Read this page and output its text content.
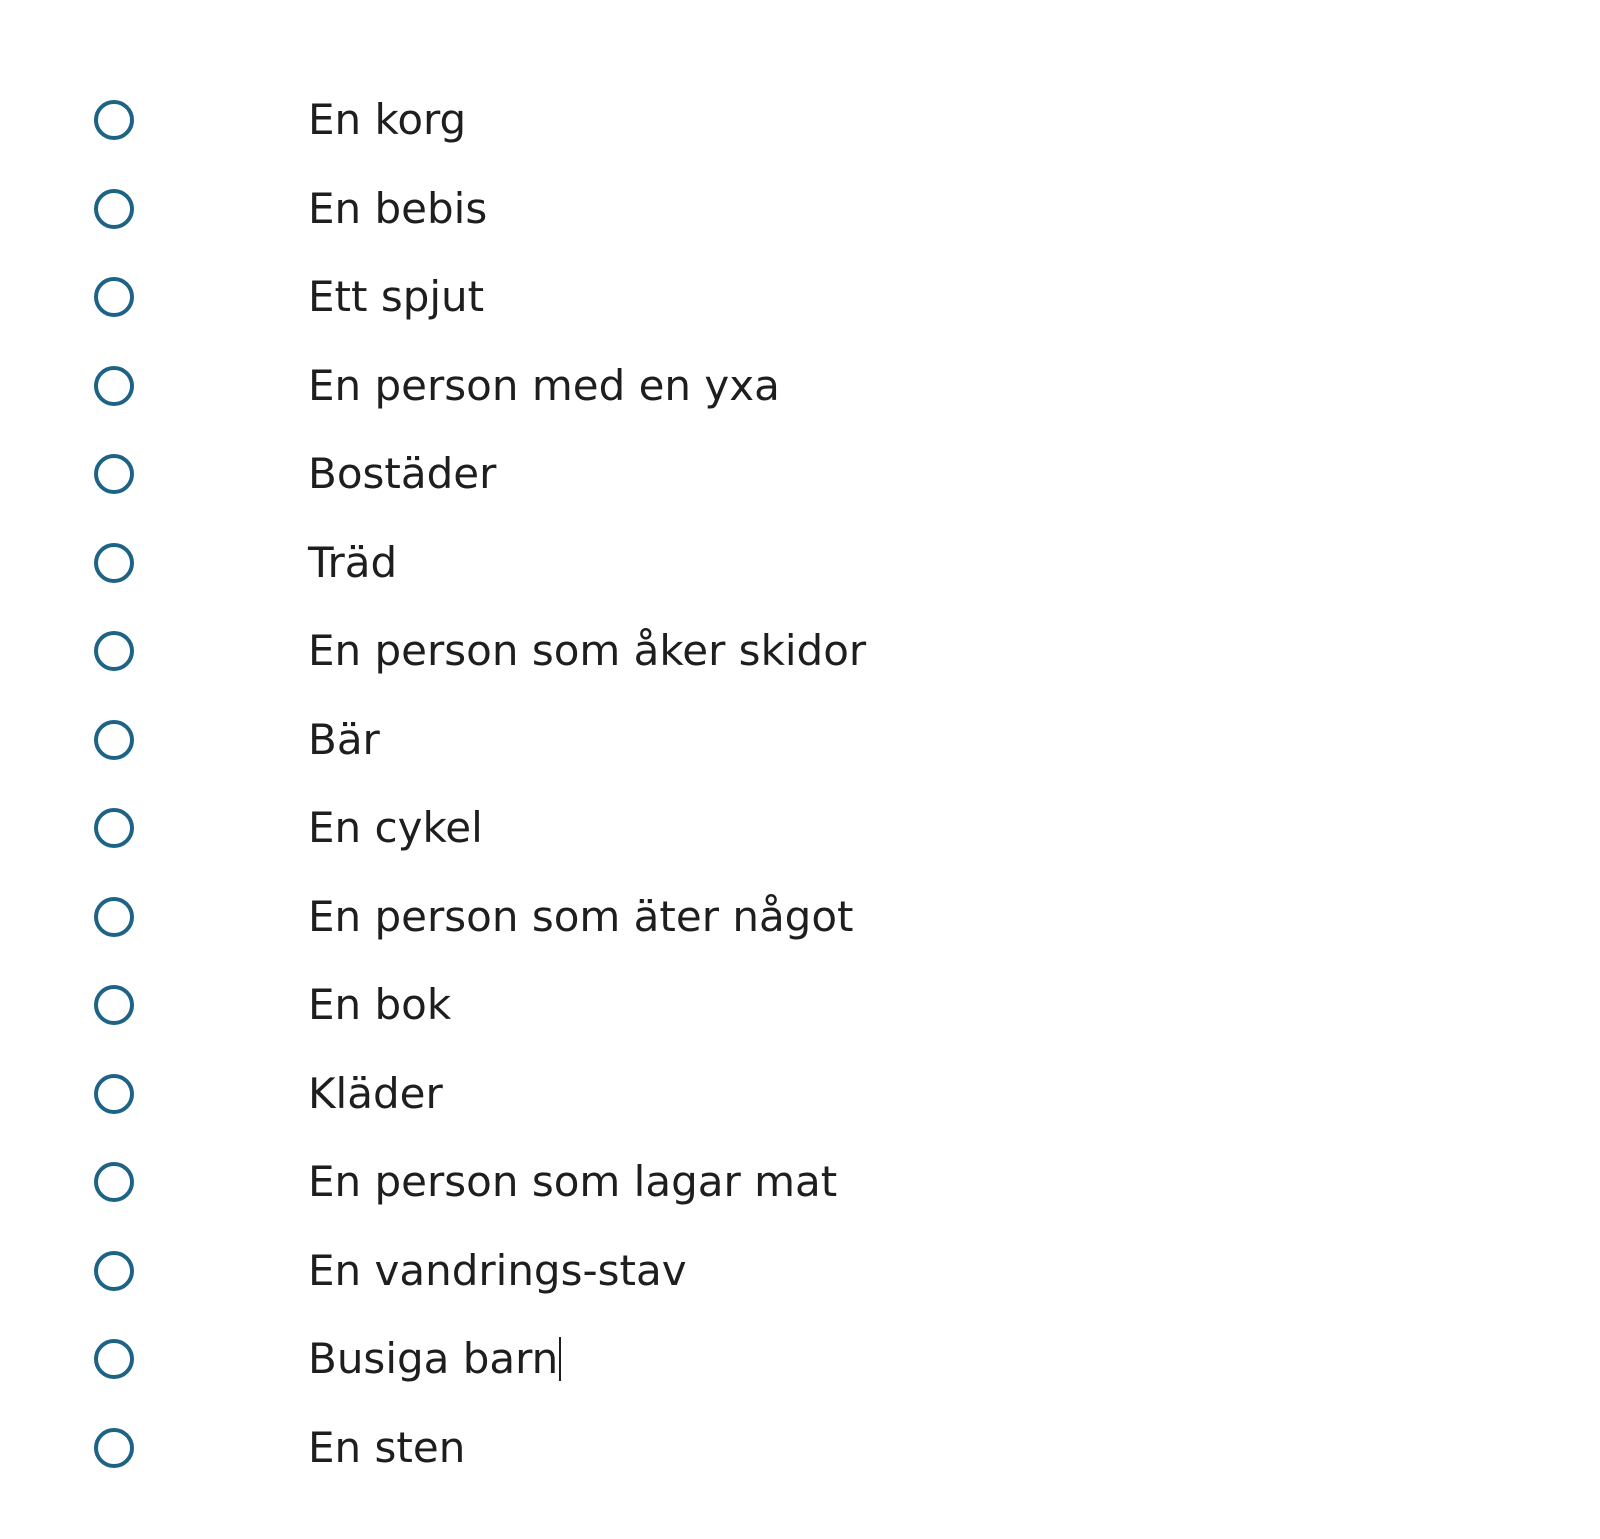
En korg
En bebis
Ett spjut
En person med en yxa
Bostäder
Träd
En person som åker skidor
Bär
En cykel
En person som äter något
En bok
Kläder
En person som lagar mat
En vandrings-stav
Busiga barn
En sten
